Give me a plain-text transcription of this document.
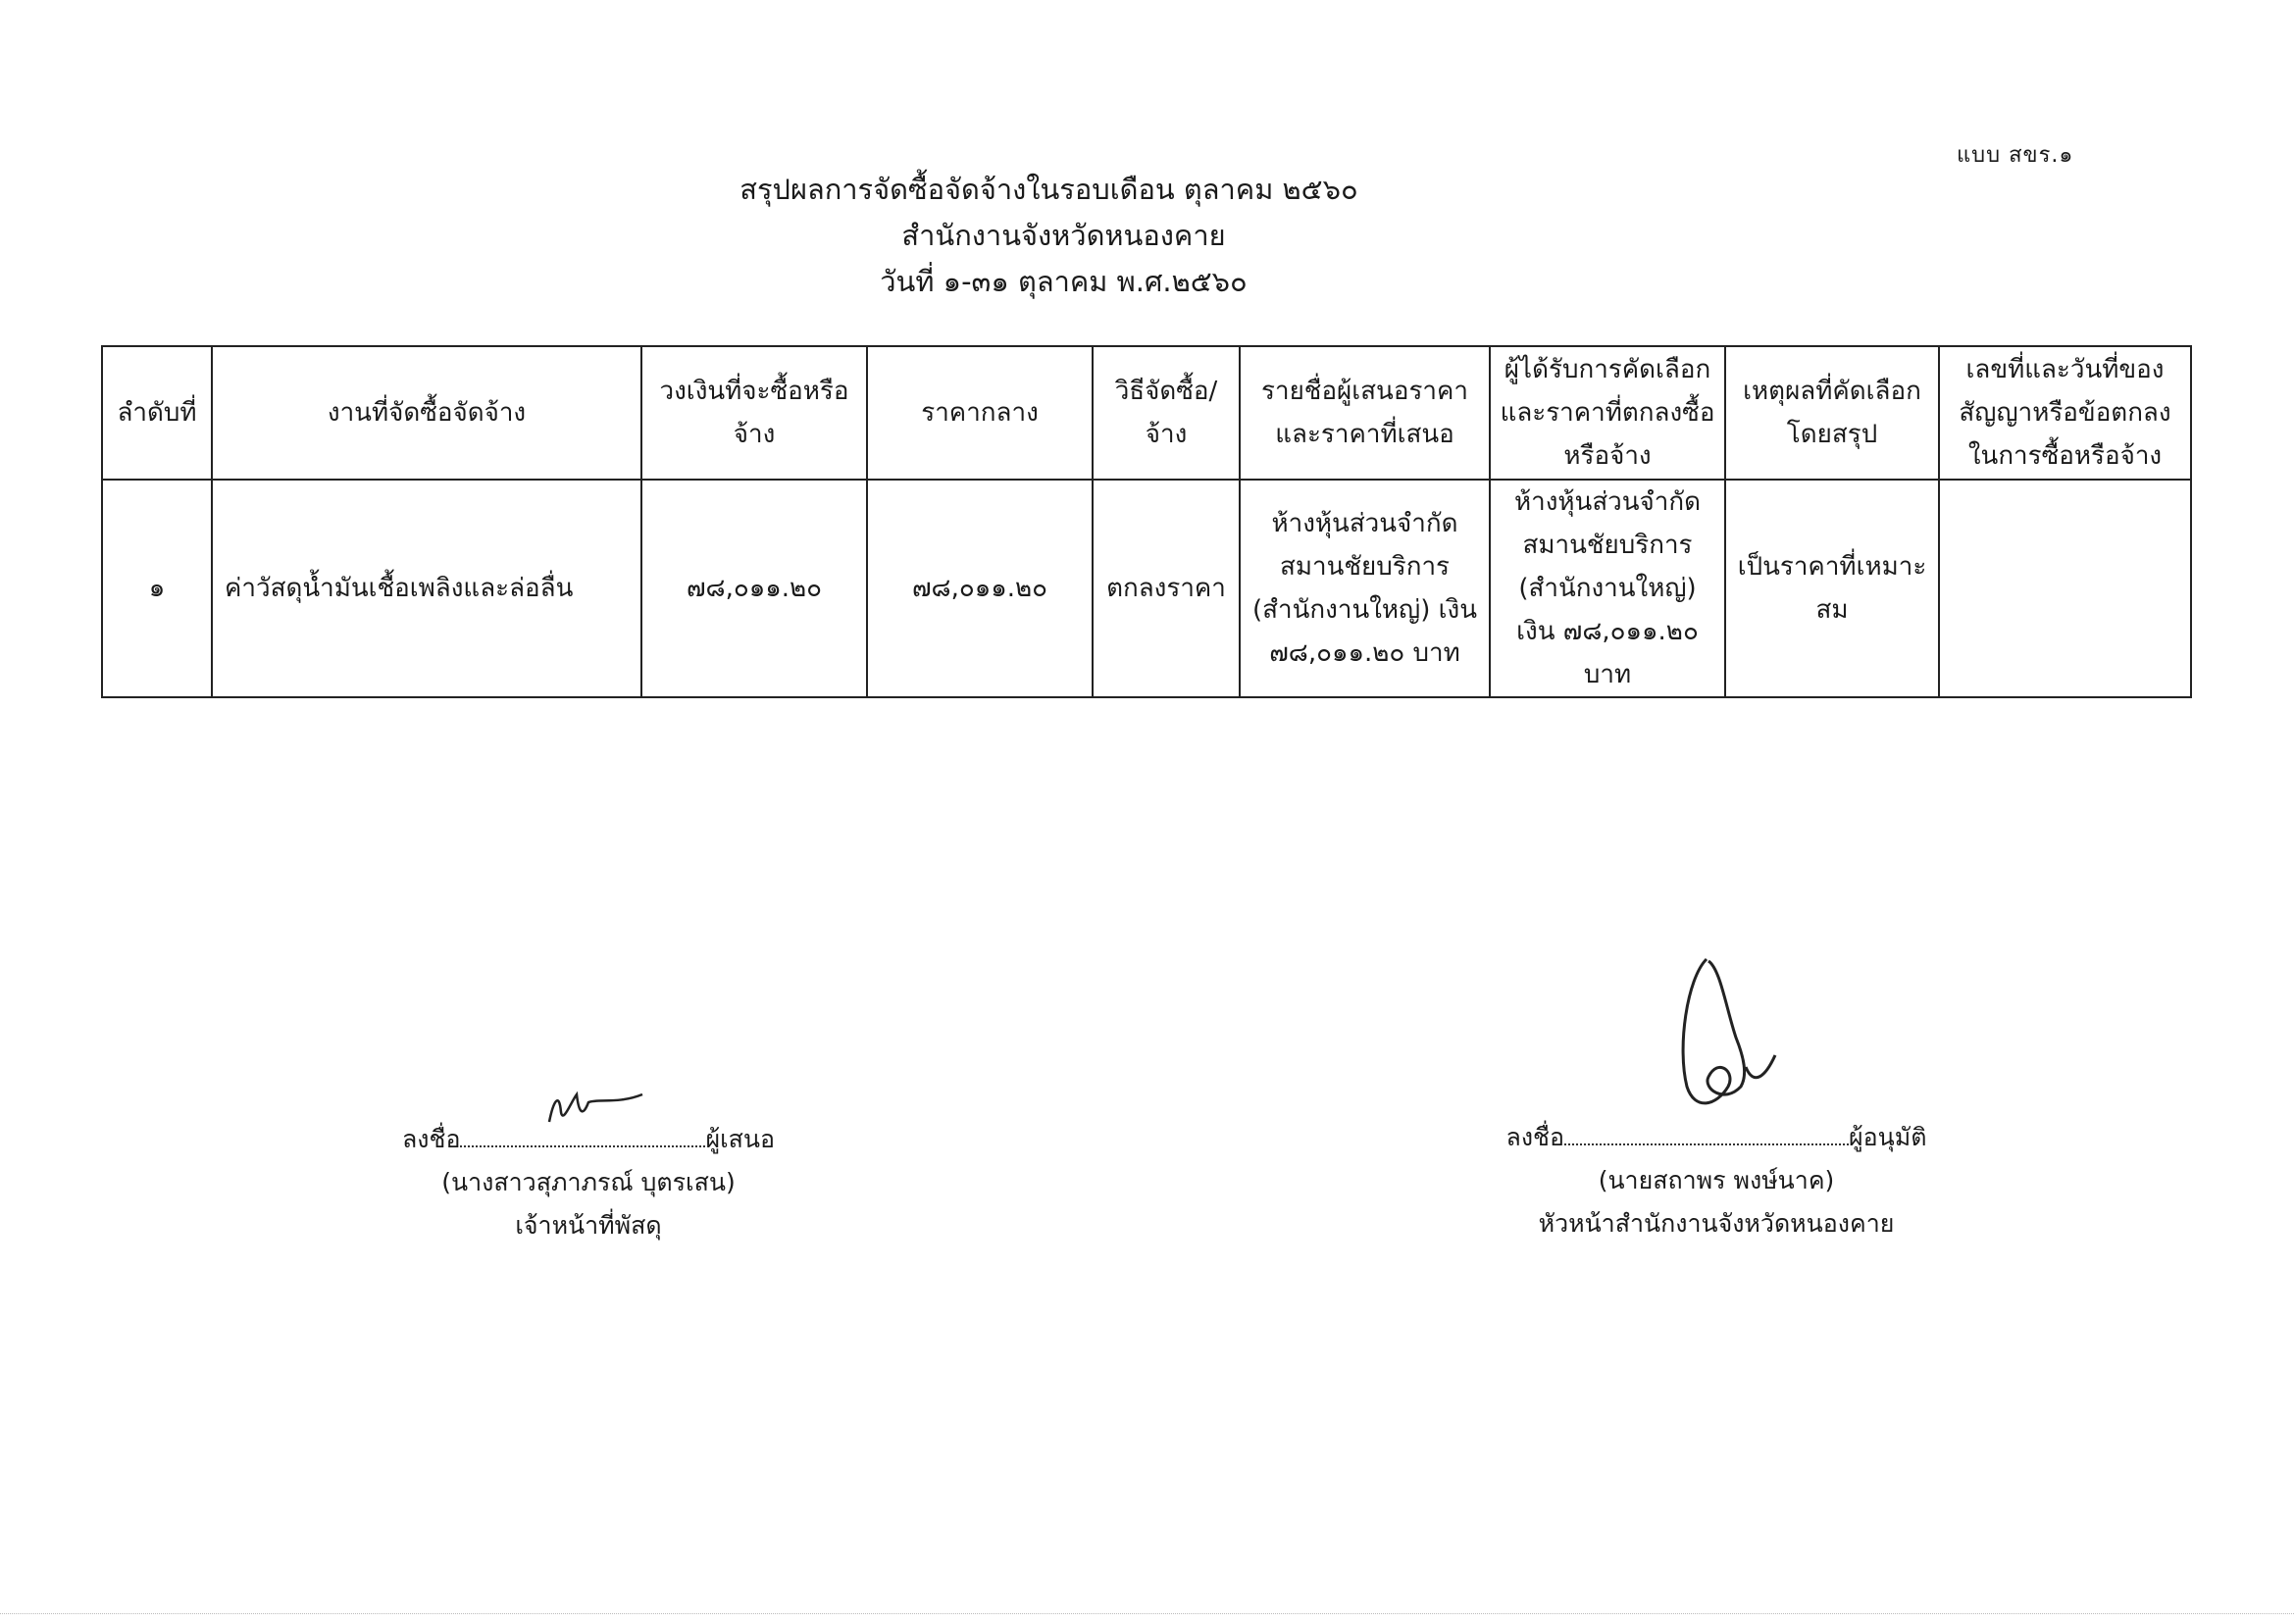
แบบ สขร.๑
สรุปผลการจัดซื้อจัดจ้างในรอบเดือน ตุลาคม ๒๕๖๐
สำนักงานจังหวัดหนองคาย
วันที่ ๑-๓๑ ตุลาคม พ.ศ.๒๕๖๐
ลำดับที่	งานที่จัดซื้อจัดจ้าง	วงเงินที่จะซื้อหรือจ้าง	ราคากลาง	วิธีจัดซื้อ/จ้าง	รายชื่อผู้เสนอราคาและราคาที่เสนอ	ผู้ได้รับการคัดเลือกและราคาที่ตกลงซื้อหรือจ้าง	เหตุผลที่คัดเลือกโดยสรุป	เลขที่และวันที่ของสัญญาหรือข้อตกลงในการซื้อหรือจ้าง
๑	ค่าวัสดุน้ำมันเชื้อเพลิงและล่อลื่น	๗๘,๐๑๑.๒๐	๗๘,๐๑๑.๒๐	ตกลงราคา	ห้างหุ้นส่วนจำกัด สมานชัยบริการ (สำนักงานใหญ่) เงิน ๗๘,๐๑๑.๒๐ บาท	ห้างหุ้นส่วนจำกัด สมานชัยบริการ (สำนักงานใหญ่) เงิน ๗๘,๐๑๑.๒๐ บาท	เป็นราคาที่เหมาะสม	
ลงชื่อ	ผู้เสนอ
(นางสาวสุภาภรณ์ บุตรเสน)
เจ้าหน้าที่พัสดุ
ลงชื่อ	ผู้อนุมัติ
(นายสถาพร พงษ์นาค)
หัวหน้าสำนักงานจังหวัดหนองคาย
